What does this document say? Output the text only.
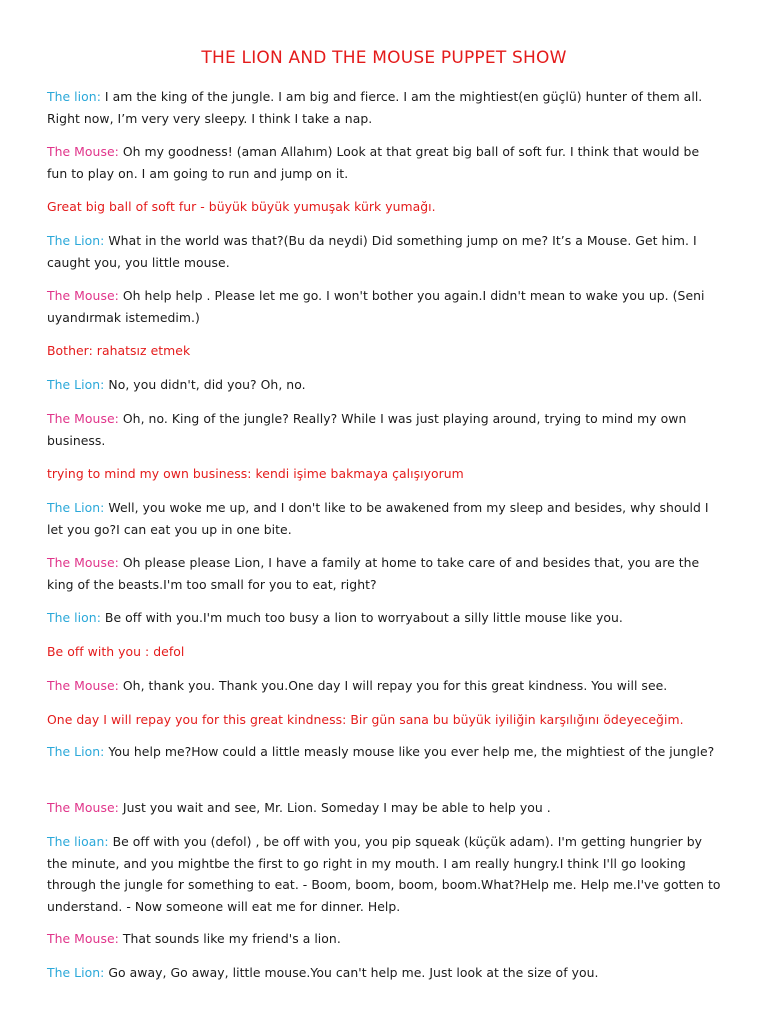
THE LION AND THE MOUSE PUPPET SHOW

The lion: I am the king of the jungle. I am big and fierce. I am the mightiest(en güçlü) hunter of them all. Right now, I’m very very sleepy. I think I take a nap.

The Mouse: Oh my goodness! (aman Allahım) Look at that great big ball of soft fur. I think that would be fun to play on. I am going to run and jump on it.

Great big ball of soft fur - büyük büyük yumuşak kürk yumağı.

The Lion: What in the world was that?(Bu da neydi) Did something jump on me? It’s a Mouse. Get him. I caught you, you little mouse.

The Mouse: Oh help help . Please let me go. I won't bother you again.I didn't mean to wake you up. (Seni uyandırmak istemedim.)

Bother: rahatsız etmek

The Lion: No, you didn't, did you? Oh, no.

The Mouse: Oh, no. King of the jungle? Really? While I was just playing around, trying to mind my own business.

trying to mind my own business: kendi işime bakmaya çalışıyorum

The Lion: Well, you woke me up, and I don't like to be awakened from my sleep and besides, why should I let you go?I can eat you up in one bite.

The Mouse: Oh please please Lion, I have a family at home to take care of and besides that, you are the king of the beasts.I'm too small for you to eat, right?

The lion: Be off with you.I'm much too busy a lion to worryabout a silly little mouse like you.

Be off with you : defol

The Mouse: Oh, thank you. Thank you.One day I will repay you for this great kindness. You will see.

One day I will repay you for this great kindness: Bir gün sana bu büyük iyiliğin karşılığını ödeyeceğim.

The Lion: You help me?How could a little measly mouse like you ever help me, the mightiest of the jungle?

The Mouse: Just you wait and see, Mr. Lion. Someday I may be able to help you .

The lioan: Be off with you (defol) , be off with you, you pip squeak (küçük adam). I'm getting hungrier by the minute, and you mightbe the first to go right in my mouth. I am really hungry.I think I'll go looking through the jungle for something to eat. - Boom, boom, boom, boom.What?Help me. Help me.I've gotten to understand. - Now someone will eat me for dinner. Help.

The Mouse: That sounds like my friend's a lion.

The Lion: Go away, Go away, little mouse.You can't help me. Just look at the size of you.
